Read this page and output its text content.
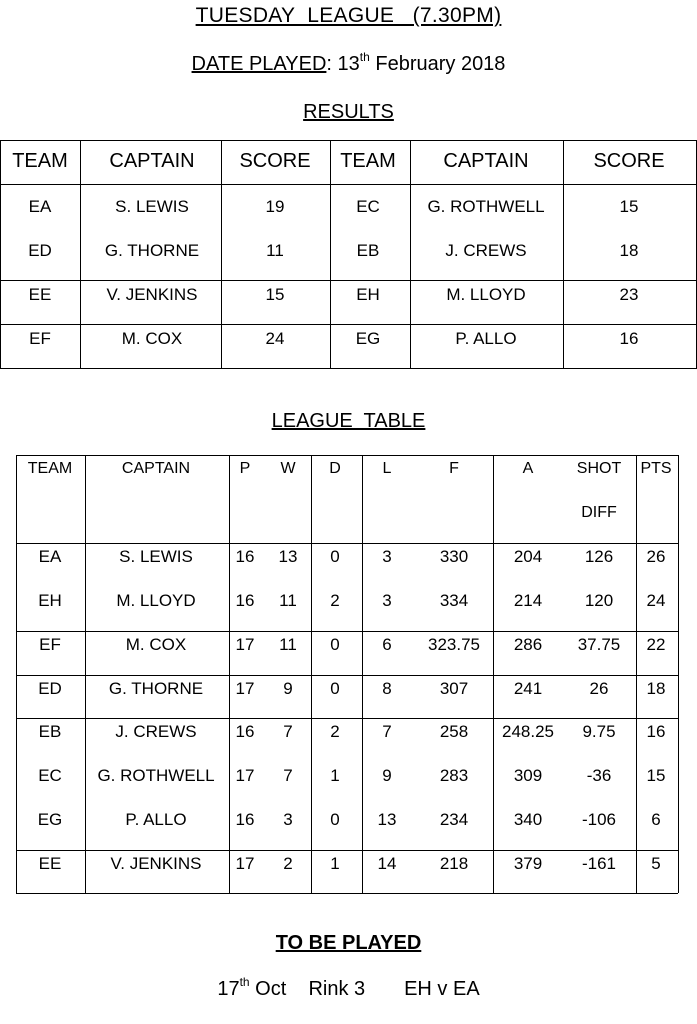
TUESDAY  LEAGUE   (7.30PM)
DATE PLAYED: 13th February 2018
RESULTS
TEAM	CAPTAIN	SCORE	TEAM	CAPTAIN	SCORE
EA	S. LEWIS	19	EC	G. ROTHWELL	15
ED	G. THORNE	11	EB	J. CREWS	18
EE	V. JENKINS	15	EH	M. LLOYD	23
EF	M. COX	24	EG	P. ALLO	16
LEAGUE  TABLE
TEAM	CAPTAIN	P	W	D	L	F	A	SHOT	PTS
DIFF
EA	S. LEWIS	16	13	0	3	330	204	126	26
EH	M. LLOYD	16	11	2	3	334	214	120	24
EF	M. COX	17	11	0	6	323.75	286	37.75	22
ED	G. THORNE	17	9	0	8	307	241	26	18
EB	J. CREWS	16	7	2	7	258	248.25	9.75	16
EC	G. ROTHWELL	17	7	1	9	283	309	-36	15
EG	P. ALLO	16	3	0	13	234	340	-106	6
EE	V. JENKINS	17	2	1	14	218	379	-161	5
TO BE PLAYED
17th Oct    Rink 3       EH v EA
